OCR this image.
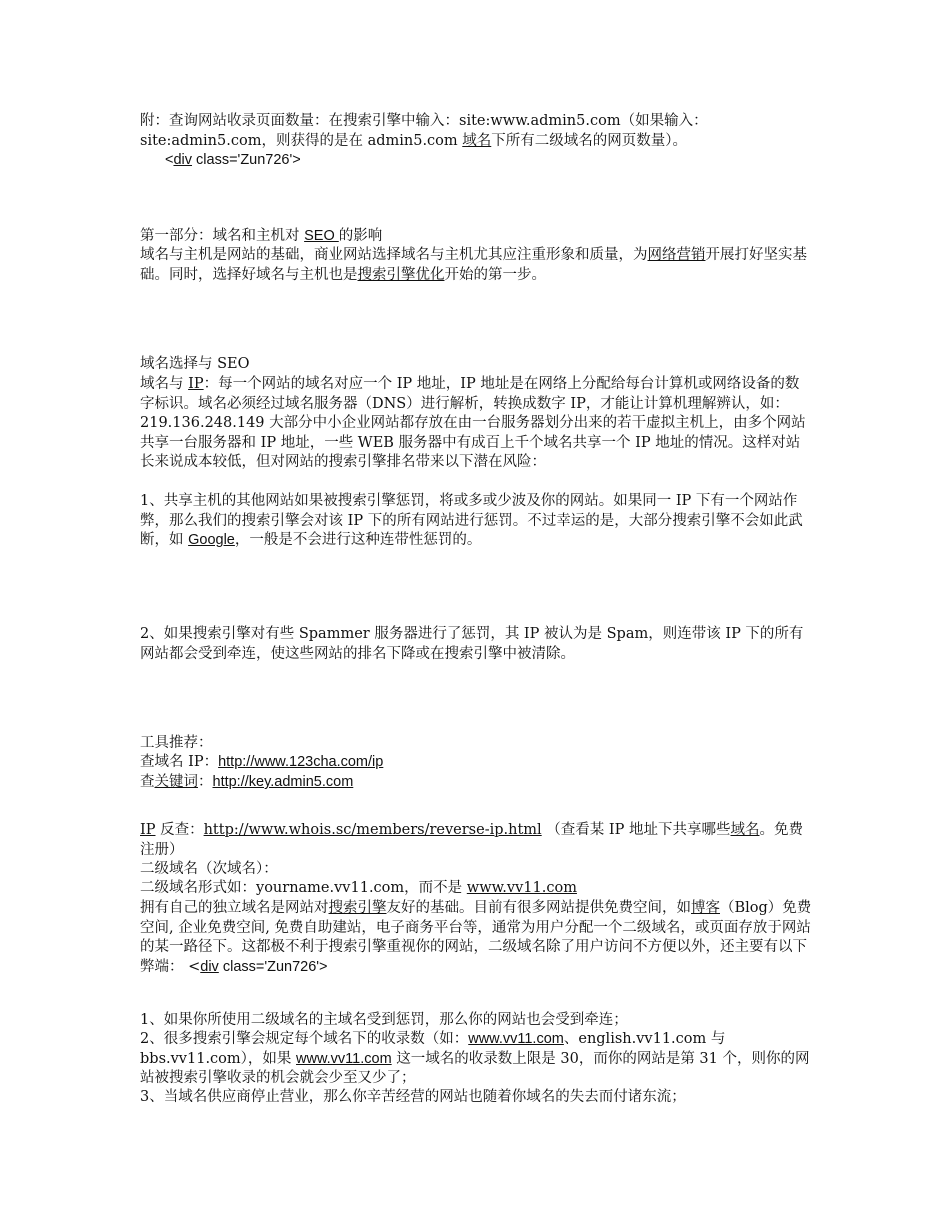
附：查询网站收录页面数量：在搜索引擎中输入：site:www.admin5.com（如果输入：
site:admin5.com，则获得的是在 admin5.com 域名下所有二级域名的网页数量）。

<div class='Zun726'>

第一部分：域名和主机对 SEO 的影响

域名与主机是网站的基础，商业网站选择域名与主机尤其应注重形象和质量，为网络营销开展打好坚实基础。同时，选择好域名与主机也是搜索引擎优化开始的第一步。

域名选择与 SEO

域名与 IP：每一个网站的域名对应一个 IP 地址，IP 地址是在网络上分配给每台计算机或网络设备的数字标识。域名必须经过域名服务器（DNS）进行解析，转换成数字 IP，才能让计算机理解辨认，如：219.136.248.149 大部分中小企业网站都存放在由一台服务器划分出来的若干虚拟主机上，由多个网站共享一台服务器和 IP 地址，一些 WEB 服务器中有成百上千个域名共享一个 IP 地址的情况。这样对站长来说成本较低，但对网站的搜索引擎排名带来以下潜在风险：

1、共享主机的其他网站如果被搜索引擎惩罚，将或多或少波及你的网站。如果同一 IP 下有一个网站作弊，那么我们的搜索引擎会对该 IP 下的所有网站进行惩罚。不过幸运的是，大部分搜索引擎不会如此武断，如 Google，一般是不会进行这种连带性惩罚的。

2、如果搜索引擎对有些 Spammer 服务器进行了惩罚，其 IP 被认为是 Spam，则连带该 IP 下的所有网站都会受到牵连，使这些网站的排名下降或在搜索引擎中被清除。

工具推荐：

查域名 IP：http://www.123cha.com/ip

查关键词：http://key.admin5.com

IP 反查：http://www.whois.sc/members/reverse-ip.html （查看某 IP 地址下共享哪些域名。免费注册）

二级域名（次域名）：

二级域名形式如：yourname.vv11.com，而不是 www.vv11.com

拥有自己的独立域名是网站对搜索引擎友好的基础。目前有很多网站提供免费空间，如博客（Blog）免费空间, 企业免费空间, 免费自助建站，电子商务平台等，通常为用户分配一个二级域名，或页面存放于网站的某一路径下。这都极不利于搜索引擎重视你的网站，二级域名除了用户访问不方便以外，还主要有以下弊端： <div class='Zun726'>

1、如果你所使用二级域名的主域名受到惩罚，那么你的网站也会受到牵连；

2、很多搜索引擎会规定每个域名下的收录数（如：www.vv11.com、english.vv11.com 与 bbs.vv11.com），如果 www.vv11.com 这一域名的收录数上限是 30，而你的网站是第 31 个，则你的网站被搜索引擎收录的机会就会少至又少了；

3、当域名供应商停止营业，那么你辛苦经营的网站也随着你域名的失去而付诸东流；
